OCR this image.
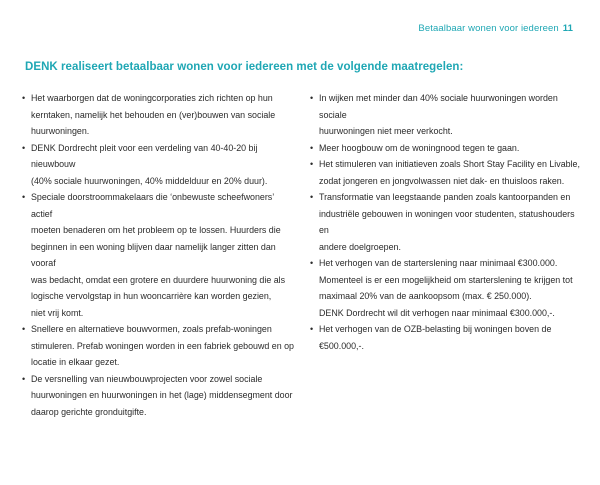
Betaalbaar wonen voor iedereen 11
DENK realiseert betaalbaar wonen voor iedereen met de volgende maatregelen:
• Het waarborgen dat de woningcorporaties zich richten op hun
kerntaken, namelijk het behouden en (ver)bouwen van sociale
huurwoningen.
• DENK Dordrecht pleit voor een verdeling van 40-40-20 bij nieuwbouw
(40% sociale huurwoningen, 40% middelduur en 20% duur).
• Speciale doorstroommakelaars die ‘onbewuste scheefwoners’ actief
moeten benaderen om het probleem op te lossen. Huurders die
beginnen in een woning blijven daar namelijk langer zitten dan vooraf
was bedacht, omdat een grotere en duurdere huurwoning die als
logische vervolgstap in hun wooncarrière kan worden gezien,
niet vrij komt.
• Snellere en alternatieve bouwvormen, zoals prefab-woningen
stimuleren. Prefab woningen worden in een fabriek gebouwd en op
locatie in elkaar gezet.
• De versnelling van nieuwbouwprojecten voor zowel sociale
huurwoningen en huurwoningen in het (lage) middensegment door
daarop gerichte gronduitgifte.
• In wijken met minder dan 40% sociale huurwoningen worden sociale
huurwoningen niet meer verkocht.
• Meer hoogbouw om de woningnood tegen te gaan.
• Het stimuleren van initiatieven zoals Short Stay Facility en Livable,
zodat jongeren en jongvolwassen niet dak- en thuisloos raken.
• Transformatie van leegstaande panden zoals kantoorpanden en
industriële gebouwen in woningen voor studenten, statushouders en
andere doelgroepen.
• Het verhogen van de starterslening naar minimaal €300.000.
Momenteel is er een mogelijkheid om starterslening te krijgen tot
maximaal 20% van de aankoopsom (max. € 250.000).
DENK Dordrecht wil dit verhogen naar minimaal €300.000,-.
• Het verhogen van de OZB-belasting bij woningen boven de
€500.000,-.
